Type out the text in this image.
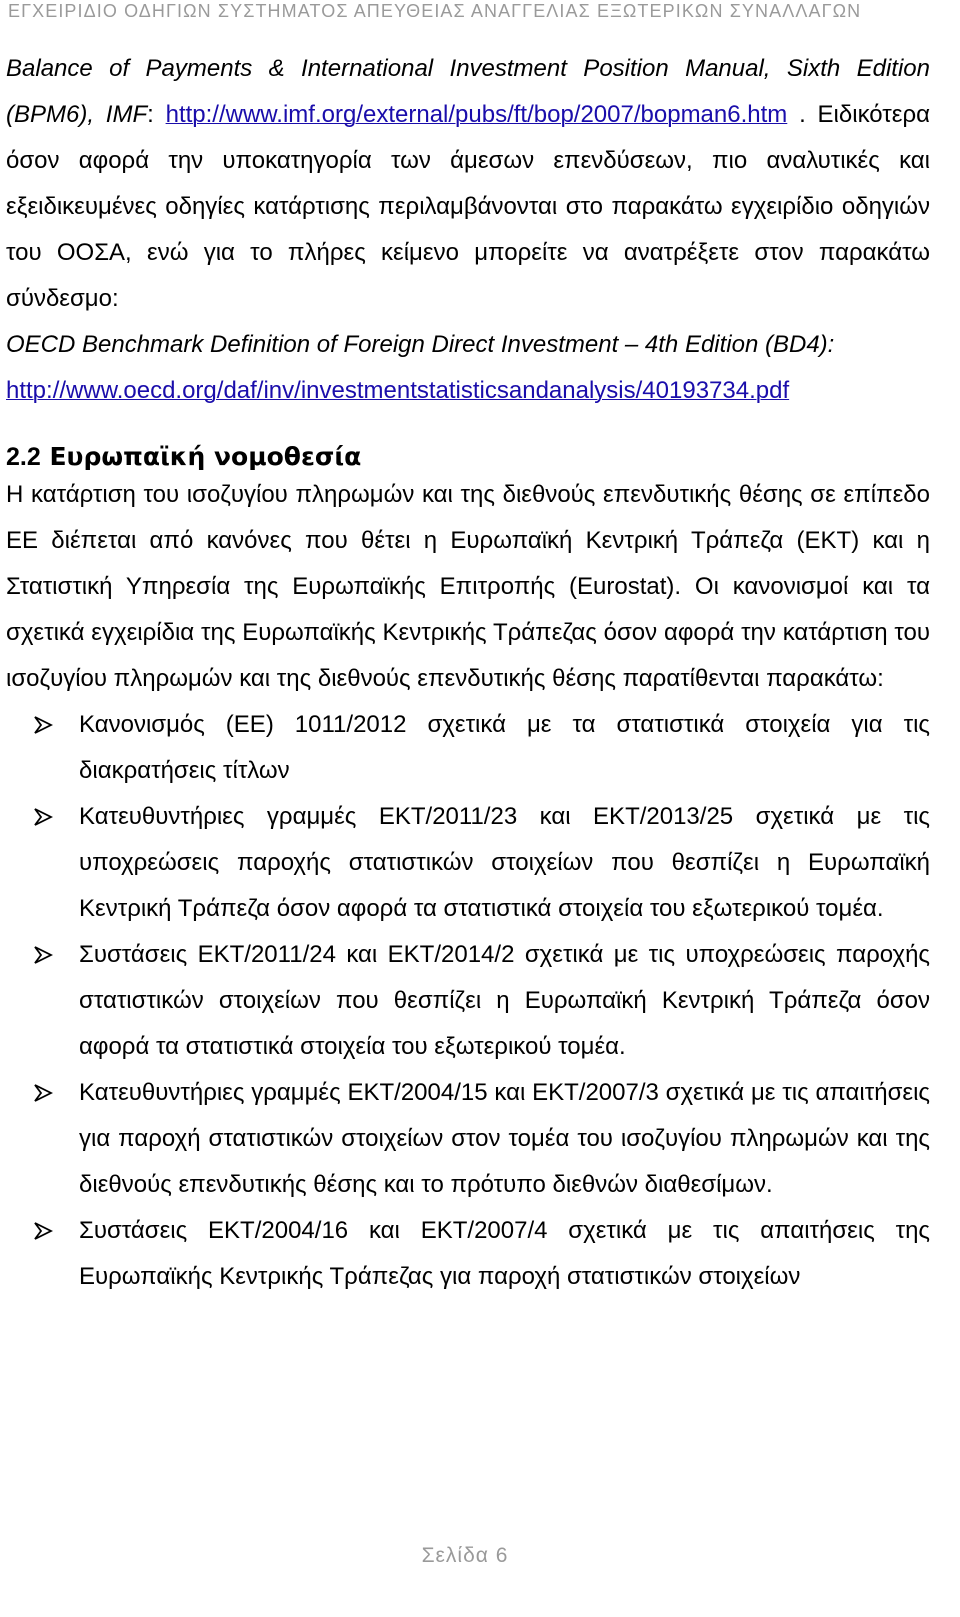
ΕΓΧΕΙΡΙΔΙΟ ΟΔΗΓΙΩΝ ΣΥΣΤΗΜΑΤΟΣ ΑΠΕΥΘΕΙΑΣ ΑΝΑΓΓΕΛΙΑΣ ΕΞΩΤΕΡΙΚΩΝ ΣΥΝΑΛΛΑΓΩΝ

Balance of Payments & International Investment Position Manual, Sixth Edition (BPM6), IMF: http://www.imf.org/external/pubs/ft/bop/2007/bopman6.htm . Ειδικότερα όσον αφορά την υποκατηγορία των άμεσων επενδύσεων, πιο αναλυτικές και εξειδικευμένες οδηγίες κατάρτισης περιλαμβάνονται στο παρακάτω εγχειρίδιο οδηγιών του ΟΟΣΑ, ενώ για το πλήρες κείμενο μπορείτε να ανατρέξετε στον παρακάτω σύνδεσμο:

OECD Benchmark Definition of Foreign Direct Investment – 4th Edition (BD4):

http://www.oecd.org/daf/inv/investmentstatisticsandanalysis/40193734.pdf

2.2 Ευρωπαϊκή νομοθεσία

Η κατάρτιση του ισοζυγίου πληρωμών και της διεθνούς επενδυτικής θέσης σε επίπεδο ΕΕ διέπεται από κανόνες που θέτει η Ευρωπαϊκή Κεντρική Τράπεζα (ΕΚΤ) και η Στατιστική Υπηρεσία της Ευρωπαϊκής Επιτροπής (Eurostat). Οι κανονισμοί και τα σχετικά εγχειρίδια της Ευρωπαϊκής Κεντρικής Τράπεζας όσον αφορά την κατάρτιση του ισοζυγίου πληρωμών και της διεθνούς επενδυτικής θέσης παρατίθενται παρακάτω:

Κανονισμός (ΕΕ) 1011/2012 σχετικά με τα στατιστικά στοιχεία για τις διακρατήσεις τίτλων
Κατευθυντήριες γραμμές ΕΚΤ/2011/23 και ΕΚΤ/2013/25 σχετικά με τις υποχρεώσεις παροχής στατιστικών στοιχείων που θεσπίζει η Ευρωπαϊκή Κεντρική Τράπεζα όσον αφορά τα στατιστικά στοιχεία του εξωτερικού τομέα.
Συστάσεις ΕΚΤ/2011/24 και ΕΚΤ/2014/2 σχετικά με τις υποχρεώσεις παροχής στατιστικών στοιχείων που θεσπίζει η Ευρωπαϊκή Κεντρική Τράπεζα όσον αφορά τα στατιστικά στοιχεία του εξωτερικού τομέα.
Κατευθυντήριες γραμμές ΕΚΤ/2004/15 και ΕΚΤ/2007/3 σχετικά με τις απαιτήσεις για παροχή στατιστικών στοιχείων στον τομέα του ισοζυγίου πληρωμών και της διεθνούς επενδυτικής θέσης και το πρότυπο διεθνών διαθεσίμων.
Συστάσεις ΕΚΤ/2004/16 και ΕΚΤ/2007/4 σχετικά με τις απαιτήσεις της Ευρωπαϊκής Κεντρικής Τράπεζας για παροχή στατιστικών στοιχείων
Σελίδα 6
